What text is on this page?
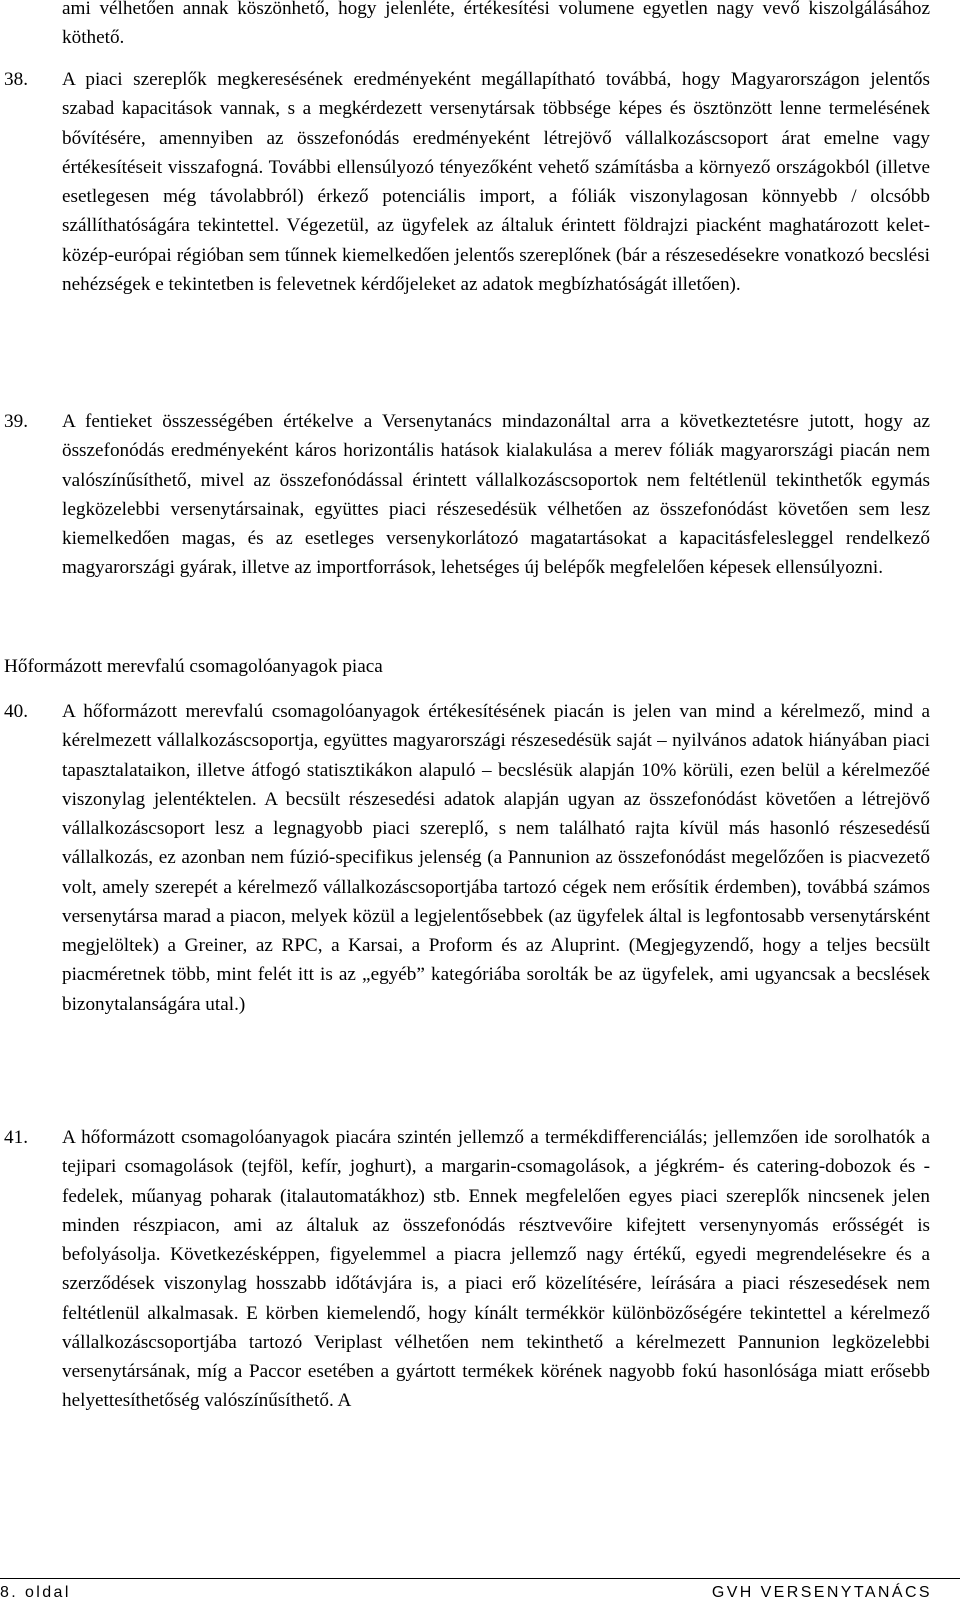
ami vélhetően annak köszönhető, hogy jelenléte, értékesítési volumene egyetlen nagy vevő kiszolgálásához köthető.
38. A piaci szereplők megkeresésének eredményeként megállapítható továbbá, hogy Magyarországon jelentős szabad kapacitások vannak, s a megkérdezett versenytársak többsége képes és ösztönzött lenne termelésének bővítésére, amennyiben az összefonódás eredményeként létrejövő vállalkozáscsoport árat emelne vagy értékesítéseit visszafogná. További ellensúlyozó tényezőként vehető számításba a környező országokból (illetve esetlegesen még távolabbról) érkező potenciális import, a fóliák viszonylagosan könnyebb / olcsóbb szállíthatóságára tekintettel. Végezetül, az ügyfelek az általuk érintett földrajzi piacként maghatározott kelet-közép-európai régióban sem tűnnek kiemelkedően jelentős szereplőnek (bár a részesedésekre vonatkozó becslési nehézségek e tekintetben is felevetnek kérdőjeleket az adatok megbízhatóságát illetően).
39. A fentieket összességében értékelve a Versenytanács mindazonáltal arra a következtetésre jutott, hogy az összefonódás eredményeként káros horizontális hatások kialakulása a merev fóliák magyarországi piacán nem valószínűsíthető, mivel az összefonódással érintett vállalkozáscsoportok nem feltétlenül tekinthetők egymás legközelebbi versenytársainak, együttes piaci részesedésük vélhetően az összefonódást követően sem lesz kiemelkedően magas, és az esetleges versenykorlátozó magatartásokat a kapacitásfelesleggel rendelkező magyarországi gyárak, illetve az importforrások, lehetséges új belépők megfelelően képesek ellensúlyozni.
Hőformázott merevfalú csomagolóanyagok piaca
40. A hőformázott merevfalú csomagolóanyagok értékesítésének piacán is jelen van mind a kérelmező, mind a kérelmezett vállalkozáscsoportja, együttes magyarországi részesedésük saját – nyilvános adatok hiányában piaci tapasztalataikon, illetve átfogó statisztikákon alapuló – becslésük alapján 10% körüli, ezen belül a kérelmezőé viszonylag jelentéktelen. A becsült részesedési adatok alapján ugyan az összefonódást követően a létrejövő vállalkozáscsoport lesz a legnagyobb piaci szereplő, s nem található rajta kívül más hasonló részesedésű vállalkozás, ez azonban nem fúzió-specifikus jelenség (a Pannunion az összefonódást megelőzően is piacvezető volt, amely szerepét a kérelmező vállalkozáscsoportjába tartozó cégek nem erősítik érdemben), továbbá számos versenytársa marad a piacon, melyek közül a legjelentősebbek (az ügyfelek által is legfontosabb versenytársként megjelöltek) a Greiner, az RPC, a Karsai, a Proform és az Aluprint. (Megjegyzendő, hogy a teljes becsült piacméretnek több, mint felét itt is az „egyéb” kategóriába sorolták be az ügyfelek, ami ugyancsak a becslések bizonytalanságára utal.)
41. A hőformázott csomagolóanyagok piacára szintén jellemző a termékdifferenciálás; jellemzően ide sorolhatók a tejipari csomagolások (tejföl, kefír, joghurt), a margarin-csomagolások, a jégkrém- és catering-dobozok és -fedelek, műanyag poharak (italautomatákhoz) stb. Ennek megfelelően egyes piaci szereplők nincsenek jelen minden részpiacon, ami az általuk az összefonódás résztvevőire kifejtett versenynyomás erősségét is befolyásolja. Következésképpen, figyelemmel a piacra jellemző nagy értékű, egyedi megrendelésekre és a szerződések viszonylag hosszabb időtávjára is, a piaci erő közelítésére, leírására a piaci részesedések nem feltétlenül alkalmasak. E körben kiemelendő, hogy kínált termékkör különbözőségére tekintettel a kérelmező vállalkozáscsoportjába tartozó Veriplast vélhetően nem tekinthető a kérelmezett Pannunion legközelebbi versenytársának, míg a Paccor esetében a gyártott termékek körének nagyobb fokú hasonlósága miatt erősebb helyettesíthetőség valószínűsíthető. A
8. oldal	GVH VERSENYTANÁCS
